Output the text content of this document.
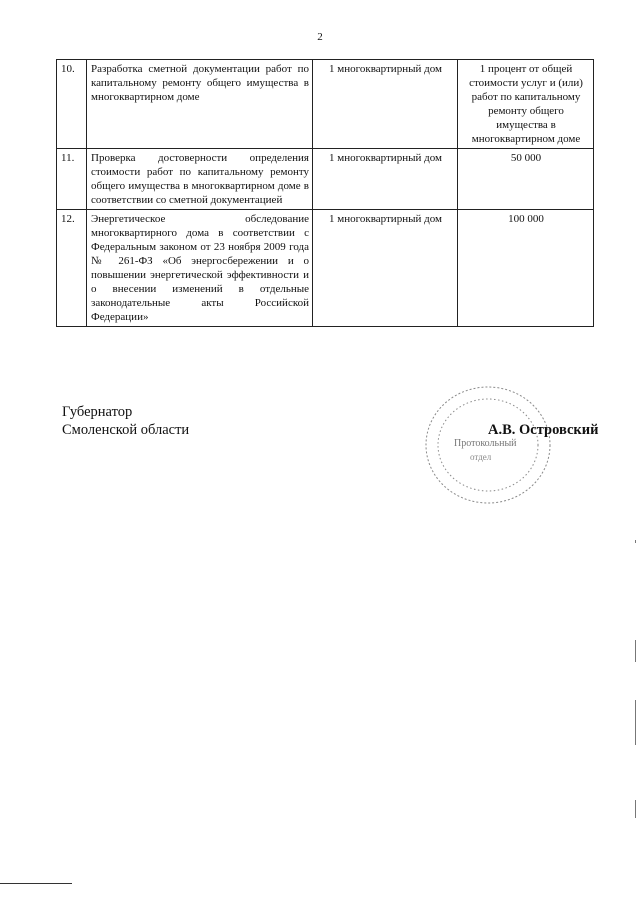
2
10.	Разработка сметной документации работ по капитальному ремонту общего имущества в многоквартирном доме	1 многоквартирный дом	1 процент от общей стоимости услуг и (или) работ по капитальному ремонту общего имущества в многоквартирном доме
11.	Проверка достоверности определения стоимости работ по капитальному ремонту общего имущества в многоквартирном доме в соответствии со сметной документацией	1 многоквартирный дом	50 000
12.	Энергетическое обследование многоквартирного дома в соответствии с Федеральным законом от 23 ноября 2009 года № 261-ФЗ «Об энергосбережении и о повышении энергетической эффективности и о внесении изменений в отдельные законодательные акты Российской Федерации»	1 многоквартирный дом	100 000
Губернатор
Смоленской области
Протокольный
отдел
А.В. Островский
